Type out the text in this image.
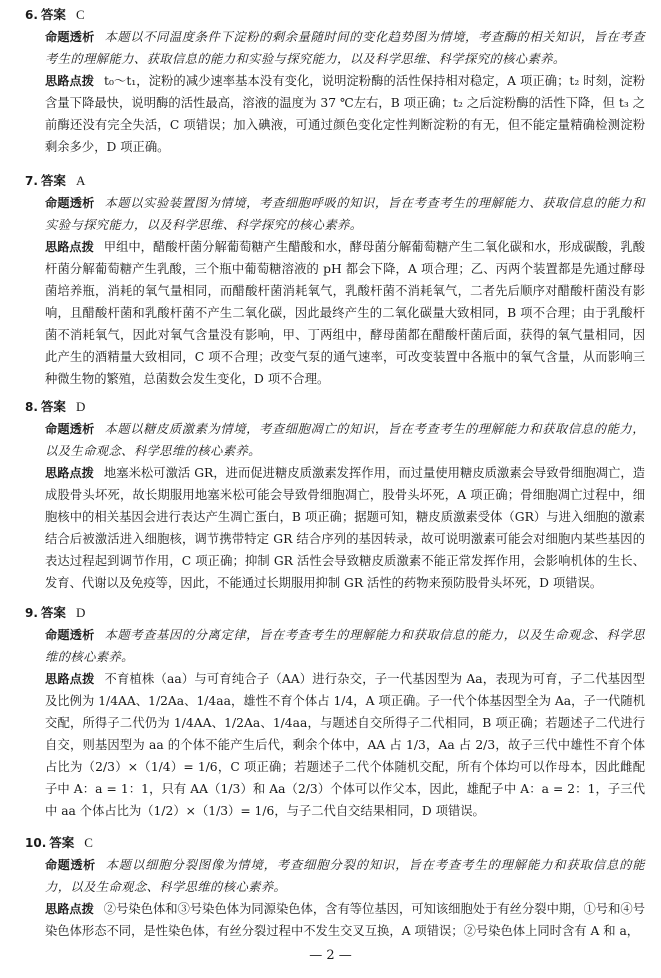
6. 答案 C

命题透析 本题以不同温度条件下淀粉的剩余量随时间的变化趋势图为情境，考查酶的相关知识，旨在考查考生的理解能力、获取信息的能力和实验与探究能力，以及科学思维、科学探究的核心素养。

思路点拨 t₀～t₁，淀粉的减少速率基本没有变化，说明淀粉酶的活性保持相对稳定，A 项正确；t₂ 时刻，淀粉含量下降最快，说明酶的活性最高，溶液的温度为 37 ℃左右，B 项正确；t₂ 之后淀粉酶的活性下降，但 t₃ 之前酶还没有完全失活，C 项错误；加入碘液，可通过颜色变化定性判断淀粉的有无，但不能定量精确检测淀粉剩余多少，D 项正确。

7. 答案 A

命题透析 本题以实验装置图为情境，考查细胞呼吸的知识，旨在考查考生的理解能力、获取信息的能力和实验与探究能力，以及科学思维、科学探究的核心素养。

思路点拨 甲组中，醋酸杆菌分解葡萄糖产生醋酸和水，酵母菌分解葡萄糖产生二氧化碳和水，形成碳酸，乳酸杆菌分解葡萄糖产生乳酸，三个瓶中葡萄糖溶液的 pH 都会下降，A 项合理；乙、丙两个装置都是先通过酵母菌培养瓶，消耗的氧气量相同，而醋酸杆菌消耗氧气，乳酸杆菌不消耗氧气，二者先后顺序对醋酸杆菌没有影响，且醋酸杆菌和乳酸杆菌不产生二氧化碳，因此最终产生的二氧化碳量大致相同，B 项不合理；由于乳酸杆菌不消耗氧气，因此对氧气含量没有影响，甲、丁两组中，酵母菌都在醋酸杆菌后面，获得的氧气量相同，因此产生的酒精量大致相同，C 项不合理；改变气泵的通气速率，可改变装置中各瓶中的氧气含量，从而影响三种微生物的繁殖，总菌数会发生变化，D 项不合理。

8. 答案 D

命题透析 本题以糖皮质激素为情境，考查细胞凋亡的知识，旨在考查考生的理解能力和获取信息的能力，以及生命观念、科学思维的核心素养。

思路点拨 地塞米松可激活 GR，进而促进糖皮质激素发挥作用，而过量使用糖皮质激素会导致骨细胞凋亡，造成股骨头坏死，故长期服用地塞米松可能会导致骨细胞凋亡，股骨头坏死，A 项正确；骨细胞凋亡过程中，细胞核中的相关基因会进行表达产生凋亡蛋白，B 项正确；据题可知，糖皮质激素受体（GR）与进入细胞的激素结合后被激活进入细胞核，调节携带特定 GR 结合序列的基因转录，故可说明激素可能会对细胞内某些基因的表达过程起到调节作用，C 项正确；抑制 GR 活性会导致糖皮质激素不能正常发挥作用，会影响机体的生长、发育、代谢以及免疫等，因此，不能通过长期服用抑制 GR 活性的药物来预防股骨头坏死，D 项错误。

9. 答案 D

命题透析 本题考查基因的分离定律，旨在考查考生的理解能力和获取信息的能力，以及生命观念、科学思维的核心素养。

思路点拨 不育植株（aa）与可育纯合子（AA）进行杂交，子一代基因型为 Aa，表现为可育，子二代基因型及比例为 1/4AA、1/2Aa、1/4aa，雄性不育个体占 1/4，A 项正确。子一代个体基因型全为 Aa，子一代随机交配，所得子二代仍为 1/4AA、1/2Aa、1/4aa，与题述自交所得子二代相同，B 项正确；若题述子二代进行自交，则基因型为 aa 的个体不能产生后代，剩余个体中，AA 占 1/3，Aa 占 2/3，故子三代中雄性不育个体占比为（2/3）×（1/4）= 1/6，C 项正确；若题述子二代个体随机交配，所有个体均可以作母本，因此雌配子中 A：a = 1：1，只有 AA（1/3）和 Aa（2/3）个体可以作父本，因此，雄配子中 A：a = 2：1，子三代中 aa 个体占比为（1/2）×（1/3）= 1/6，与子二代自交结果相同，D 项错误。

10. 答案 C

命题透析 本题以细胞分裂图像为情境，考查细胞分裂的知识，旨在考查考生的理解能力和获取信息的能力，以及生命观念、科学思维的核心素养。

思路点拨 ②号染色体和③号染色体为同源染色体，含有等位基因，可知该细胞处于有丝分裂中期，①号和④号染色体形态不同，是性染色体，有丝分裂过程中不发生交叉互换，A 项错误；②号染色体上同时含有 A 和 a，

— 2 —
